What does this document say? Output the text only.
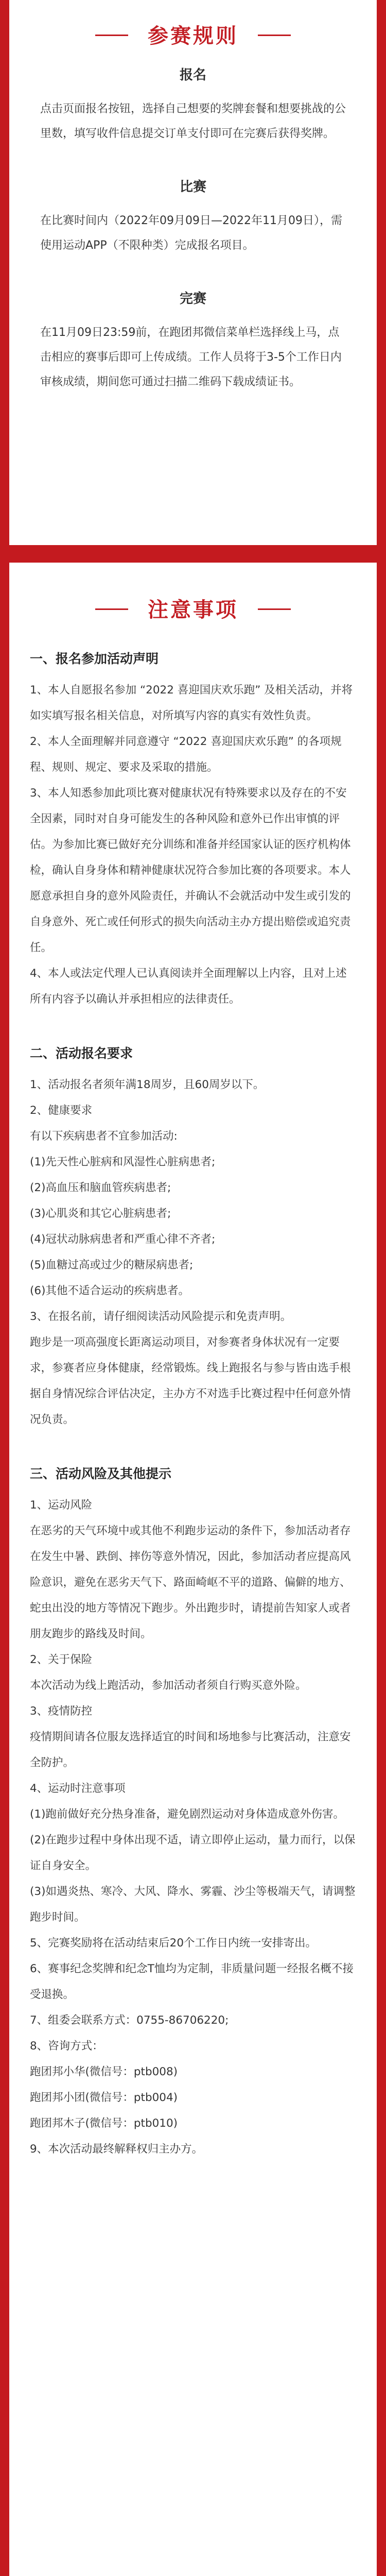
参赛规则

报名

点击页面报名按钮，选择自己想要的奖牌套餐和想要挑战的公里数，填写收件信息提交订单支付即可在完赛后获得奖牌。

比赛

在比赛时间内（2022年09月09日—2022年11月09日），需使用运动APP（不限种类）完成报名项目。

完赛

在11月09日23:59前，在跑团邦微信菜单栏选择线上马，点击相应的赛事后即可上传成绩。工作人员将于3-5个工作日内审核成绩，期间您可通过扫描二维码下载成绩证书。

注意事项

一、报名参加活动声明

1、本人自愿报名参加 “2022 喜迎国庆欢乐跑” 及相关活动，并将如实填写报名相关信息，对所填写内容的真实有效性负责。

2、本人全面理解并同意遵守 “2022 喜迎国庆欢乐跑” 的各项规程、规则、规定、要求及采取的措施。

3、本人知悉参加此项比赛对健康状况有特殊要求以及存在的不安全因素，同时对自身可能发生的各种风险和意外已作出审慎的评估。为参加比赛已做好充分训练和准备并经国家认证的医疗机构体检，确认自身身体和精神健康状况符合参加比赛的各项要求。本人愿意承担自身的意外风险责任，并确认不会就活动中发生或引发的自身意外、死亡或任何形式的损失向活动主办方提出赔偿或追究责任。

4、本人或法定代理人已认真阅读并全面理解以上内容，且对上述所有内容予以确认并承担相应的法律责任。

二、活动报名要求

1、活动报名者须年满18周岁，且60周岁以下。

2、健康要求

有以下疾病患者不宜参加活动:

(1)先天性心脏病和风湿性心脏病患者;

(2)高血压和脑血管疾病患者;

(3)心肌炎和其它心脏病患者;

(4)冠状动脉病患者和严重心律不齐者;

(5)血糖过高或过少的糖尿病患者;

(6)其他不适合运动的疾病患者。

3、在报名前，请仔细阅读活动风险提示和免责声明。

跑步是一项高强度长距离运动项目，对参赛者身体状况有一定要求，参赛者应身体健康，经常锻炼。线上跑报名与参与皆由选手根据自身情况综合评估决定，主办方不对选手比赛过程中任何意外情况负责。

三、活动风险及其他提示

1、运动风险

在恶劣的天气环境中或其他不利跑步运动的条件下，参加活动者存在发生中暑、跌倒、摔伤等意外情况，因此，参加活动者应提高风险意识，避免在恶劣天气下、路面崎岖不平的道路、偏僻的地方、蛇虫出没的地方等情况下跑步。外出跑步时，请提前告知家人或者朋友跑步的路线及时间。

2、关于保险

本次活动为线上跑活动，参加活动者须自行购买意外险。

3、疫情防控

疫情期间请各位服友选择适宜的时间和场地参与比赛活动，注意安全防护。

4、运动时注意事项

(1)跑前做好充分热身准备，避免剧烈运动对身体造成意外伤害。

(2)在跑步过程中身体出现不适，请立即停止运动，量力而行，以保证自身安全。

(3)如遇炎热、寒冷、大风、降水、雾霾、沙尘等极端天气，请调整跑步时间。

5、完赛奖励将在活动结束后20个工作日内统一安排寄出。

6、赛事纪念奖牌和纪念T恤均为定制，非质量问题一经报名概不接受退换。

7、组委会联系方式：0755-86706220;

8、咨询方式：

跑团邦小华(微信号：ptb008)

跑团邦小团(微信号：ptb004)

跑团邦木子(微信号：ptb010)

9、本次活动最终解释权归主办方。
